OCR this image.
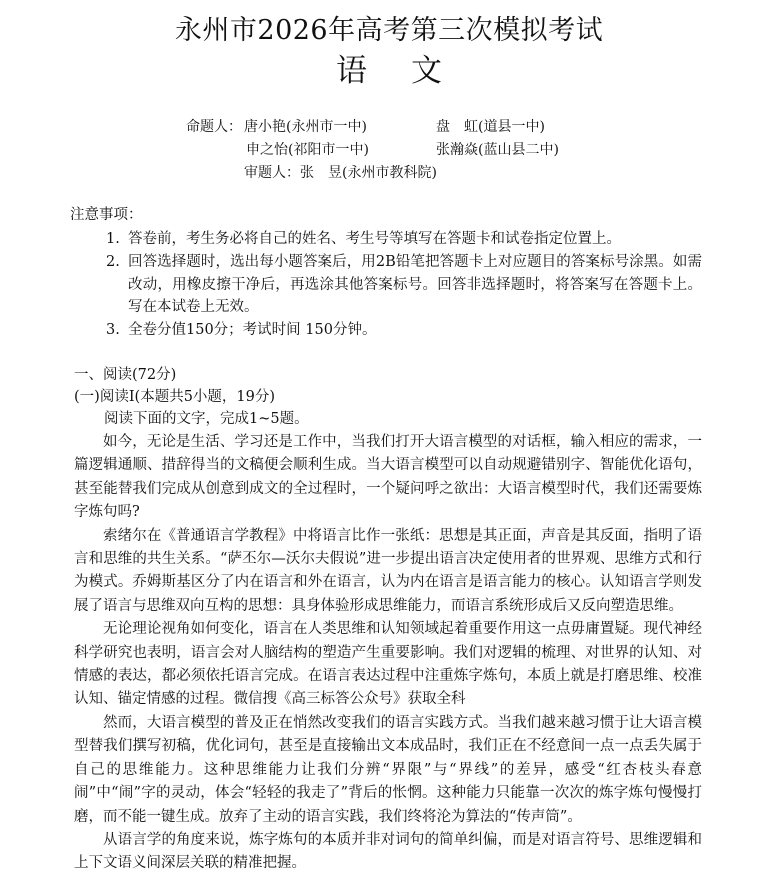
永州市2026年高考第三次模拟考试
语 文
命题人： 唐小艳(永州市一中)	盘　虹(道县一中)
申之怡(祁阳市一中)	张瀚焱(蓝山县二中)
审题人：张　昱(永州市教科院)
注意事项：
1. 答卷前，考生务必将自己的姓名、考生号等填写在答题卡和试卷指定位置上。
2. 回答选择题时，选出每小题答案后，用2B铅笔把答题卡上对应题目的答案标号涂黑。如需改动，用橡皮擦干净后，再选涂其他答案标号。回答非选择题时，将答案写在答题卡上。写在本试卷上无效。
3. 全卷分值150分；考试时间 150分钟。
一、阅读(72分)
(一)阅读Ⅰ(本题共5小题，19分)
阅读下面的文字，完成1~5题。

如今，无论是生活、学习还是工作中，当我们打开大语言模型的对话框，输入相应的需求，一篇逻辑通顺、措辞得当的文稿便会顺利生成。当大语言模型可以自动规避错别字、智能优化语句，甚至能替我们完成从创意到成文的全过程时，一个疑问呼之欲出：大语言模型时代，我们还需要炼字炼句吗?

索绪尔在《普通语言学教程》中将语言比作一张纸：思想是其正面，声音是其反面，指明了语言和思维的共生关系。“萨丕尔—沃尔夫假说”进一步提出语言决定使用者的世界观、思维方式和行为模式。乔姆斯基区分了内在语言和外在语言，认为内在语言是语言能力的核心。认知语言学则发展了语言与思维双向互构的思想：具身体验形成思维能力，而语言系统形成后又反向塑造思维。

无论理论视角如何变化，语言在人类思维和认知领域起着重要作用这一点毋庸置疑。现代神经科学研究也表明，语言会对人脑结构的塑造产生重要影响。我们对逻辑的梳理、对世界的认知、对情感的表达，都必须依托语言完成。在语言表达过程中注重炼字炼句，本质上就是打磨思维、校准认知、锚定情感的过程。微信搜《高三标答公众号》获取全科

然而，大语言模型的普及正在悄然改变我们的语言实践方式。当我们越来越习惯于让大语言模型替我们撰写初稿，优化词句，甚至是直接输出文本成品时，我们正在不经意间一点一点丢失属于自己的思维能力。这种思维能力让我们分辨“界限”与“界线”的差异，感受“红杏枝头春意闹”中“闹”字的灵动，体会“轻轻的我走了”背后的怅惘。这种能力只能靠一次次的炼字炼句慢慢打磨，而不能一键生成。放弃了主动的语言实践，我们终将沦为算法的“传声筒”。

从语言学的角度来说，炼字炼句的本质并非对词句的简单纠偏，而是对语言符号、思维逻辑和上下文语义间深层关联的精准把握。
